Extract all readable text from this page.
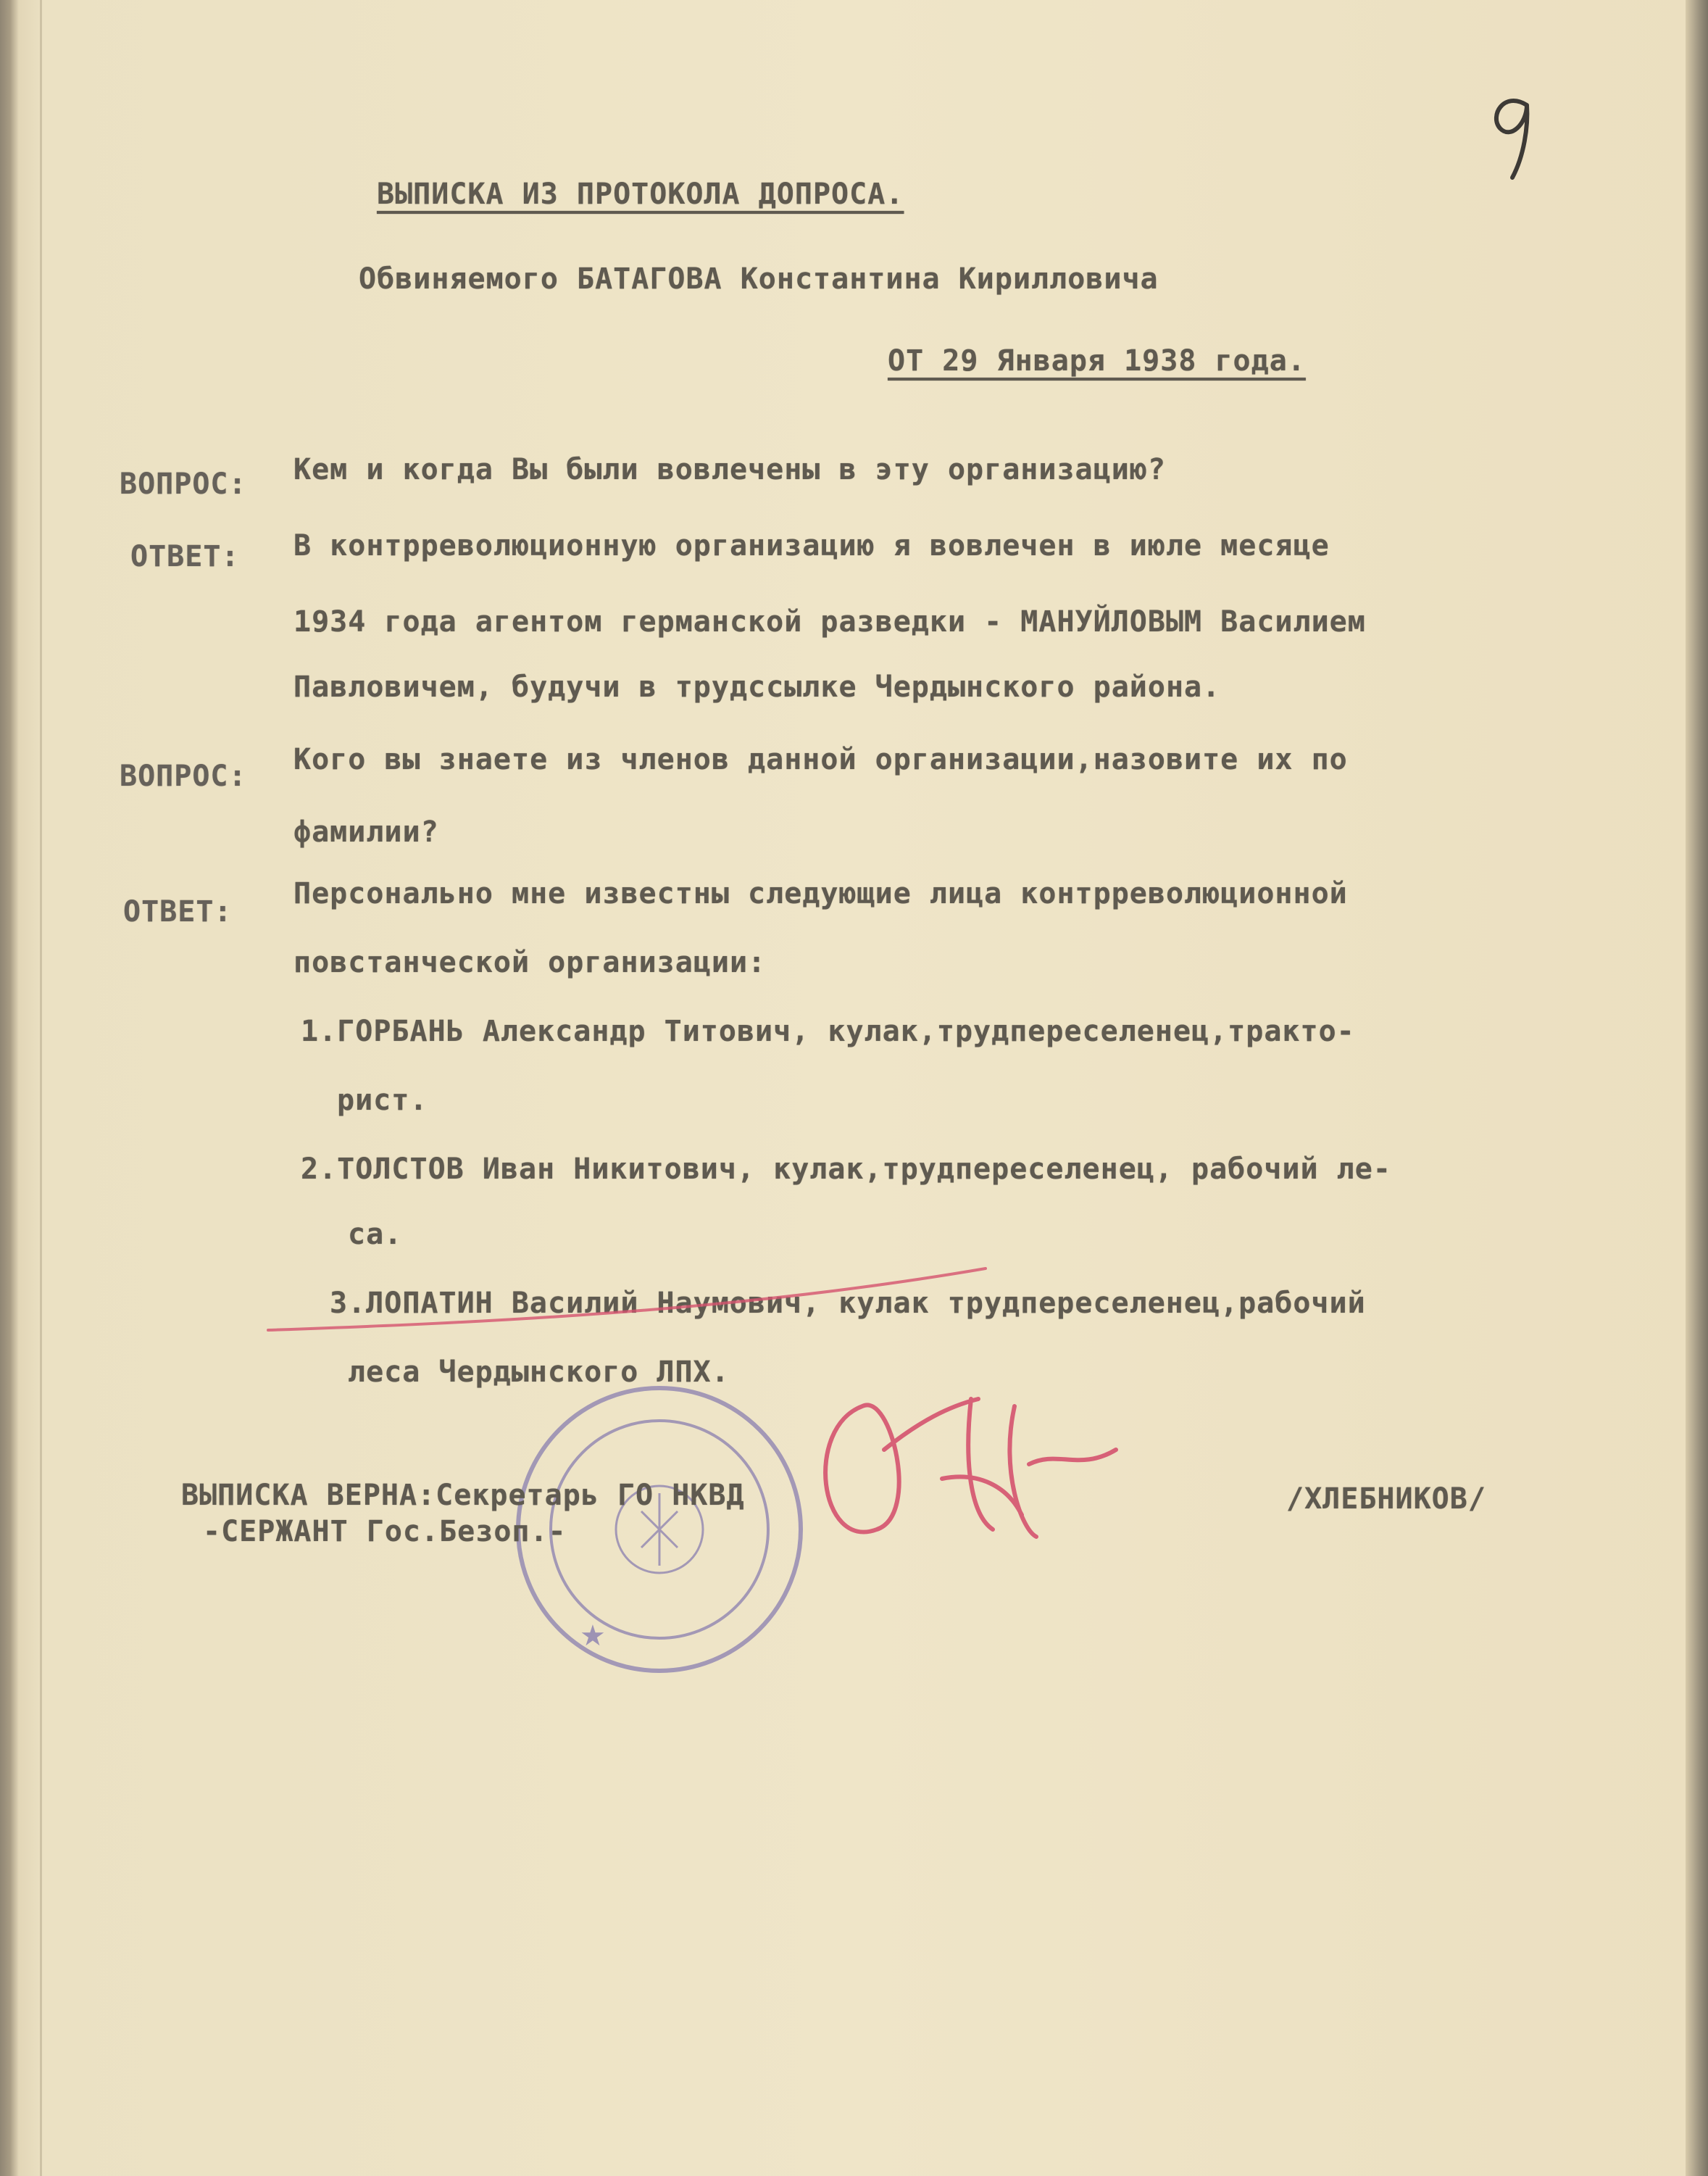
ВЫПИСКА ИЗ ПРОТОКОЛА ДОПРОСА.
Обвиняемого БАТАГОВА Константина Кирилловича
ОТ 29 Января 1938 года.
ВОПРОС: Кем и когда Вы были вовлечены в эту организацию?
ОТВЕТ: В контрреволюционную организацию я вовлечен в июле месяце
1934 года агентом германской разведки - МАНУЙЛОВЫМ Василием
Павловичем, будучи в трудссылке Чердынского района.
ВОПРОС: Кого вы знаете из членов данной организации,назовите их по
фамилии?
ОТВЕТ:
Персонально мне известны следующие лица контрреволюционной
повстанческой организации:
1.ГОРБАНЬ Александр Титович, кулак,трудпереселенец,тракто-
рист.
2.ТОЛСТОВ Иван Никитович, кулак,трудпереселенец, рабочий ле-
са.
3.ЛОПАТИН Василий Наумович, кулак трудпереселенец,рабочий
леса Чердынского ЛПХ.
★
ВЫПИСКА ВЕРНА:Секретарь ГО НКВД
-СЕРЖАНТ Гос.Безоп.-
/ХЛЕБНИКОВ/
